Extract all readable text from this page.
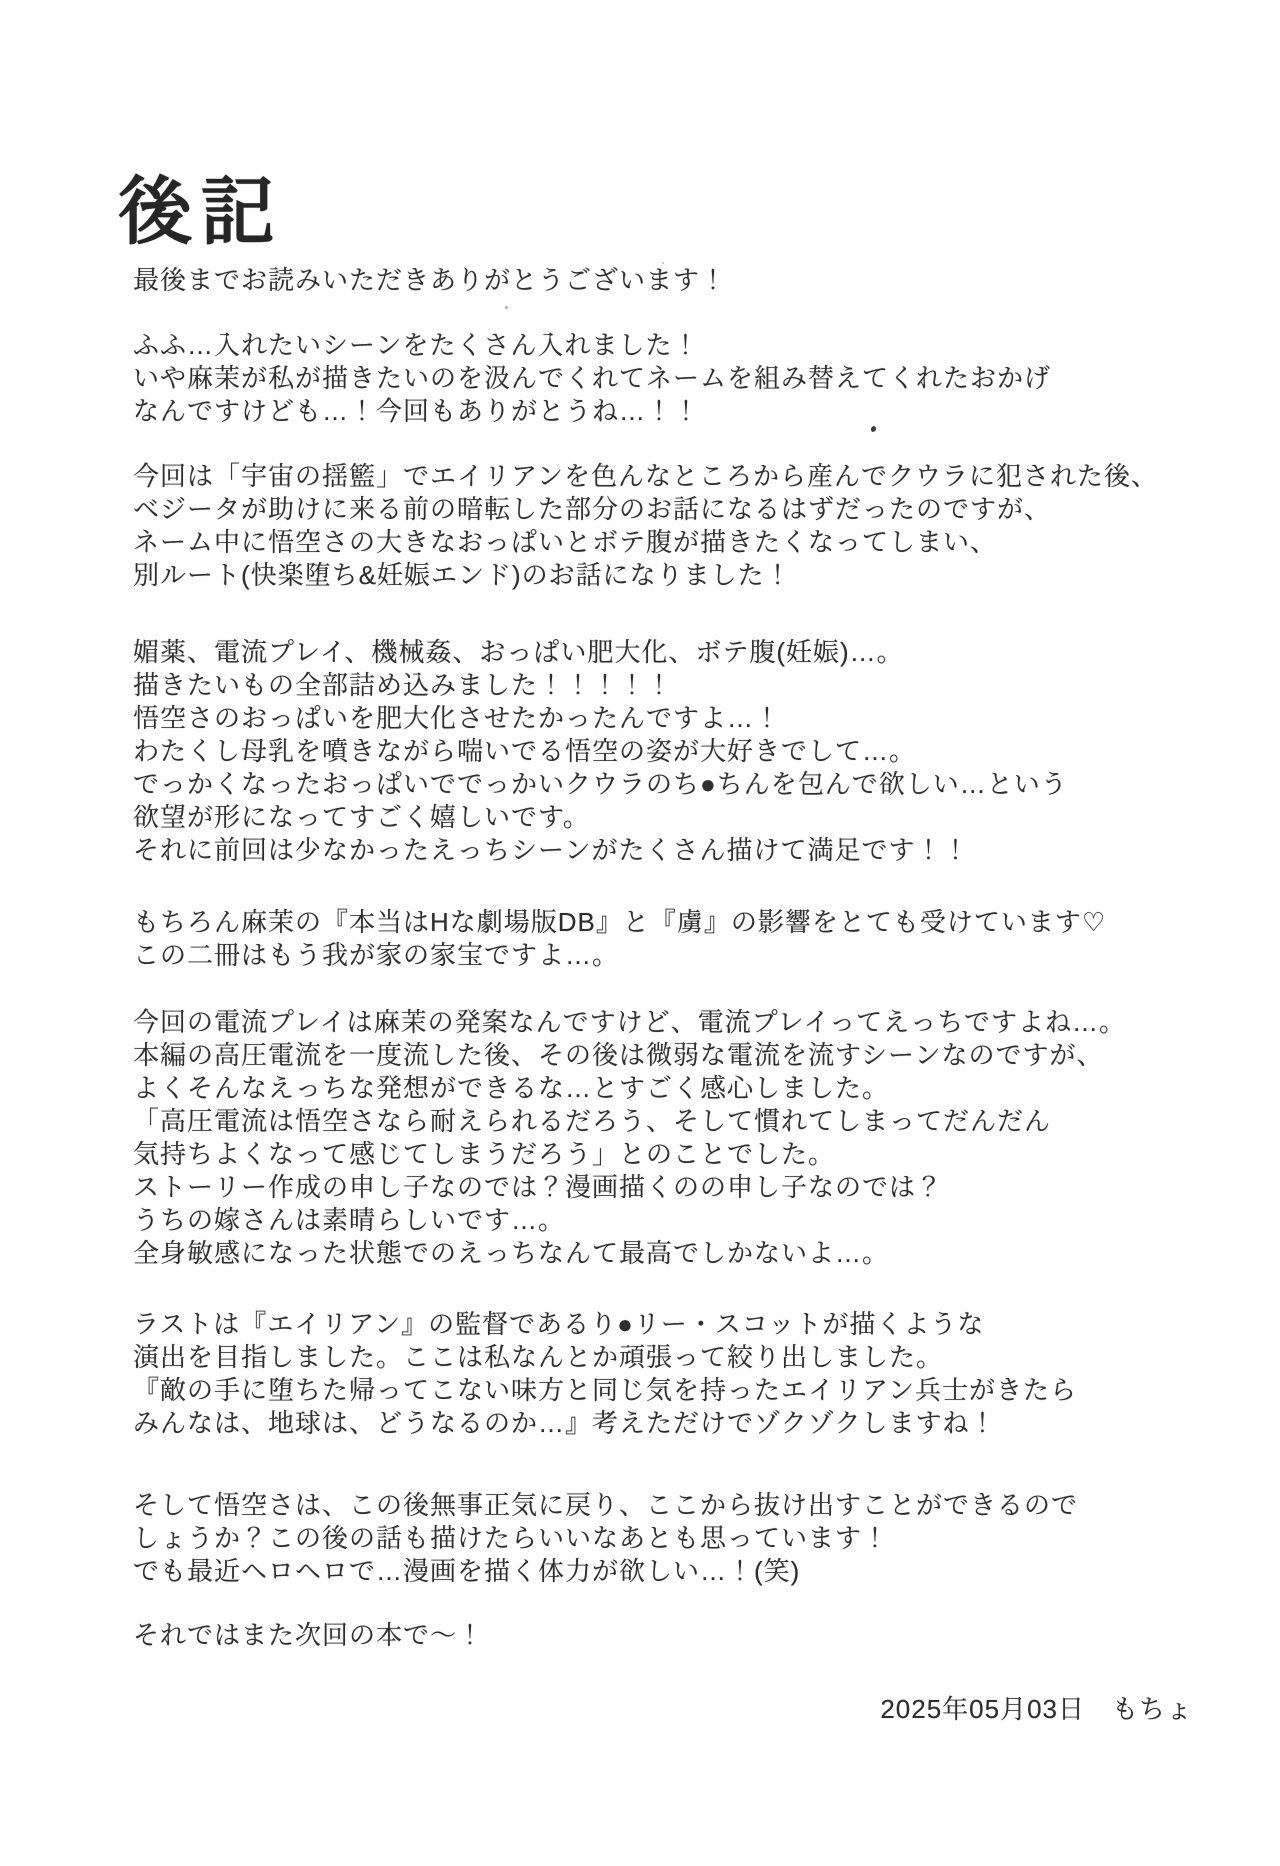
後記
最後までお読みいただきありがとうございます！
ふふ…入れたいシーンをたくさん入れました！
いや麻茉が私が描きたいのを汲んでくれてネームを組み替えてくれたおかげ
なんですけども…！今回もありがとうね…！！
今回は「宇宙の揺籃」でエイリアンを色んなところから産んでクウラに犯された後、
ベジータが助けに来る前の暗転した部分のお話になるはずだったのですが、
ネーム中に悟空さの大きなおっぱいとボテ腹が描きたくなってしまい、
別ルート(快楽堕ち&妊娠エンド)のお話になりました！
媚薬、電流プレイ、機械姦、おっぱい肥大化、ボテ腹(妊娠)…。
描きたいもの全部詰め込みました！！！！！
悟空さのおっぱいを肥大化させたかったんですよ…！
わたくし母乳を噴きながら喘いでる悟空の姿が大好きでして…。
でっかくなったおっぱいででっかいクウラのち●ちんを包んで欲しい…という
欲望が形になってすごく嬉しいです。
それに前回は少なかったえっちシーンがたくさん描けて満足です！！
もちろん麻茉の『本当はHな劇場版DB』と『虜』の影響をとても受けています♡
この二冊はもう我が家の家宝ですよ…。
今回の電流プレイは麻茉の発案なんですけど、電流プレイってえっちですよね…。
本編の高圧電流を一度流した後、その後は微弱な電流を流すシーンなのですが、
よくそんなえっちな発想ができるな…とすごく感心しました。
「高圧電流は悟空さなら耐えられるだろう、そして慣れてしまってだんだん
気持ちよくなって感じてしまうだろう」とのことでした。
ストーリー作成の申し子なのでは？漫画描くのの申し子なのでは？
うちの嫁さんは素晴らしいです…。
全身敏感になった状態でのえっちなんて最高でしかないよ…。
ラストは『エイリアン』の監督であるり●リー・スコットが描くような
演出を目指しました。ここは私なんとか頑張って絞り出しました。
『敵の手に堕ちた帰ってこない味方と同じ気を持ったエイリアン兵士がきたら
みんなは、地球は、どうなるのか…』考えただけでゾクゾクしますね！
そして悟空さは、この後無事正気に戻り、ここから抜け出すことができるので
しょうか？この後の話も描けたらいいなあとも思っています！
でも最近ヘロヘロで…漫画を描く体力が欲しい…！(笑)
それではまた次回の本で〜！
2025年05月03日　もちょ
